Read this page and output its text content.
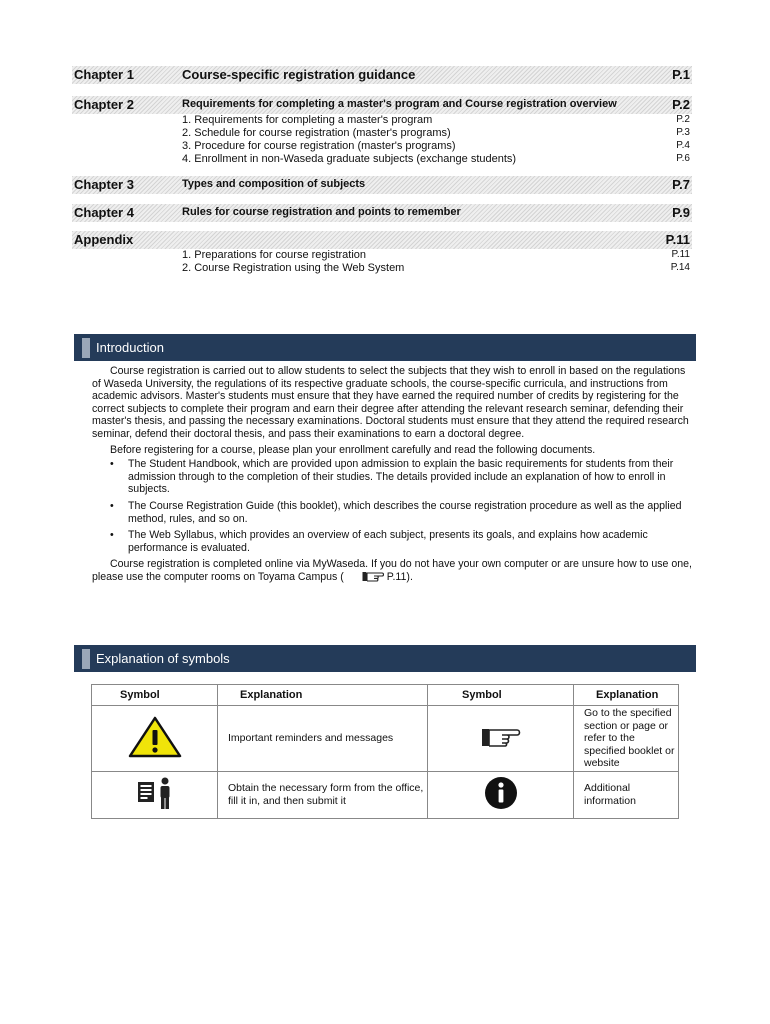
Chapter 1	Course-specific registration guidance	P.1
Chapter 2	Requirements for completing a master's program and Course registration overview	P.2
1. Requirements for completing a master's program	P.2
2. Schedule for course registration (master's programs)	P.3
3. Procedure for course registration (master's programs)	P.4
4. Enrollment in non-Waseda graduate subjects (exchange students)	P.6
Chapter 3	Types and composition of subjects	P.7
Chapter 4	Rules for course registration and points to remember	P.9
Appendix	P.11
1. Preparations for course registration	P.11
2. Course Registration using the Web System	P.14
Introduction

Course registration is carried out to allow students to select the subjects that they wish to enroll in based on the regulations of Waseda University, the regulations of its respective graduate schools, the course-specific curricula, and instructions from academic advisors. Master's students must ensure that they have earned the required number of credits by registering for the correct subjects to complete their program and earn their degree after attending the relevant research seminar, defending their master's thesis, and passing the necessary examinations. Doctoral students must ensure that they attend the required research seminar, defend their doctoral thesis, and pass their examinations to earn a doctoral degree.

Before registering for a course, please plan your enrollment carefully and read the following documents.

• The Student Handbook, which are provided upon admission to explain the basic requirements for students from their admission through to the completion of their studies. The details provided include an explanation of how to enroll in subjects.
• The Course Registration Guide (this booklet), which describes the course registration procedure as well as the applied method, rules, and so on.
• The Web Syllabus, which provides an overview of each subject, presents its goals, and explains how academic performance is evaluated.

Course registration is completed online via MyWaseda. If you do not have your own computer or are unsure how to use one, please use the computer rooms on Toyama Campus (	P.11).

Explanation of symbols
Symbol	Explanation	Symbol	Explanation
	Important reminders and messages		Go to the specified section or page or refer to the specified booklet or website
	Obtain the necessary form from the office, fill it in, and then submit it		Additional information
